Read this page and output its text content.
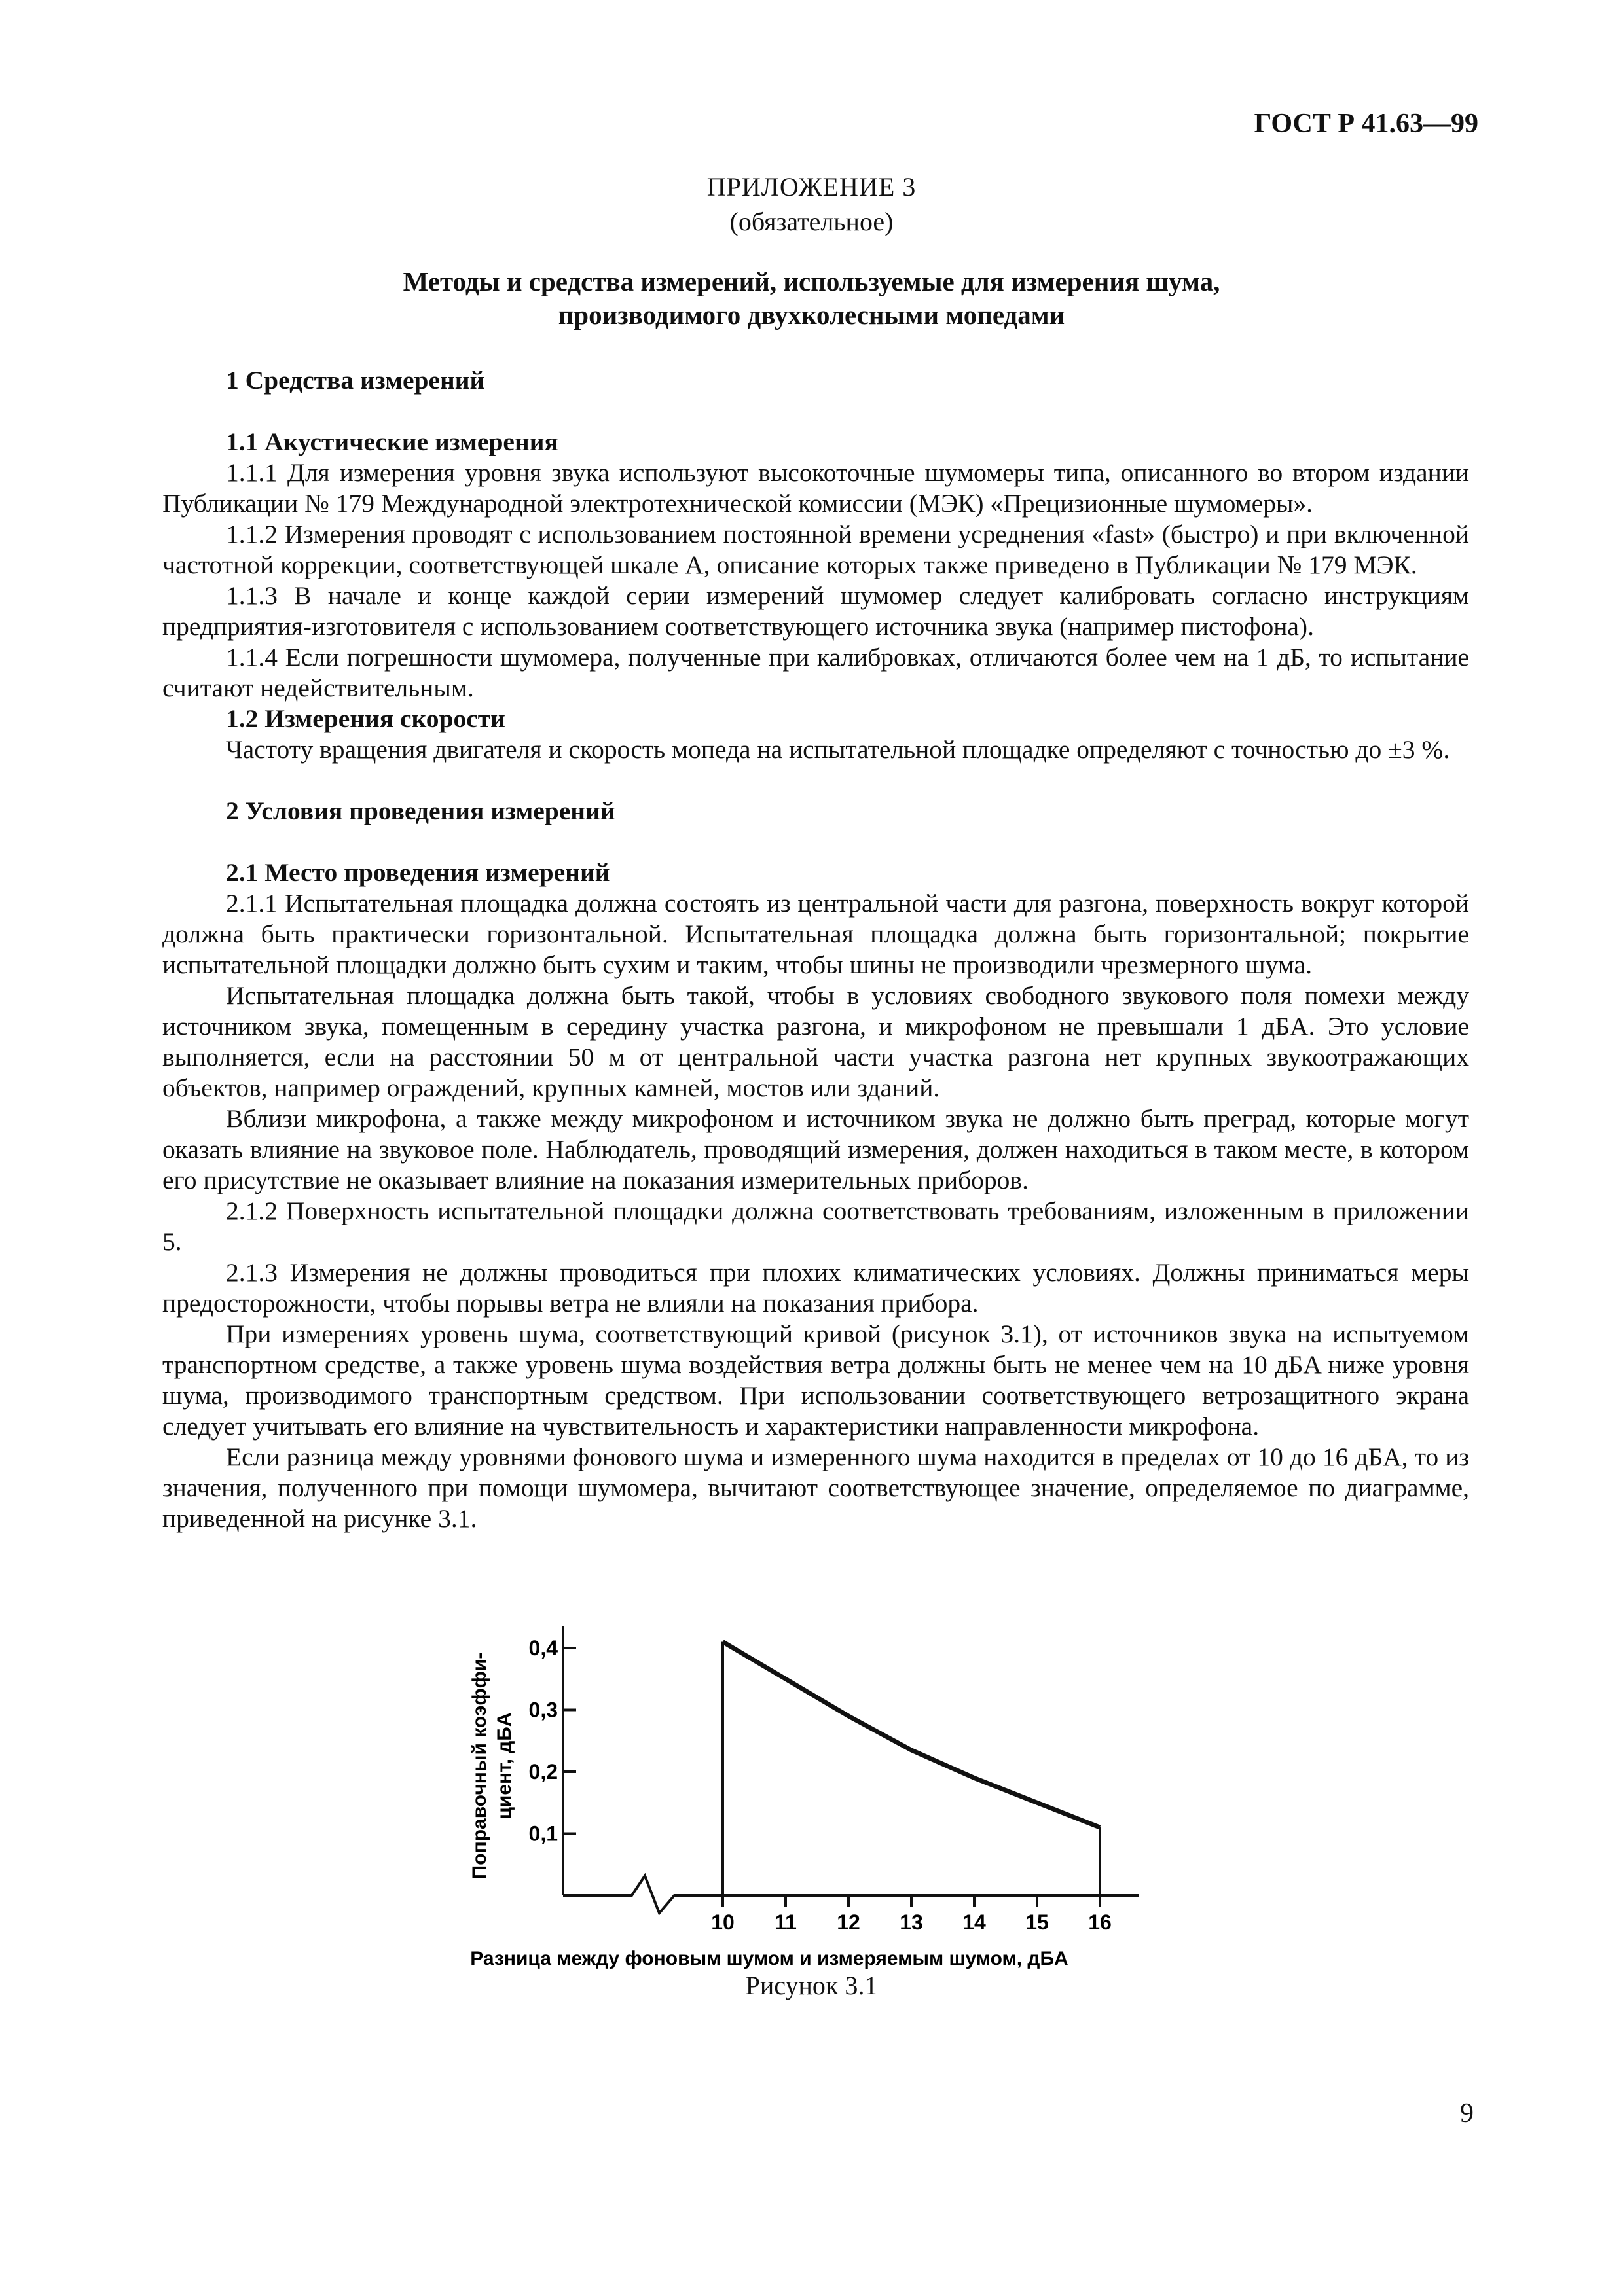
ГОСТ Р 41.63—99
ПРИЛОЖЕНИЕ 3
(обязательное)
Методы и средства измерений, используемые для измерения шума,
производимого двухколесными мопедами

1 Средства измерений

1.1 Акустические измерения

1.1.1 Для измерения уровня звука используют высокоточные шумомеры типа, описанного во втором издании Публикации № 179 Международной электротехнической комиссии (МЭК) «Прецизионные шумомеры».

1.1.2 Измерения проводят с использованием постоянной времени усреднения «fast» (быстро) и при включенной частотной коррекции, соответствующей шкале A, описание которых также приведено в Публикации № 179 МЭК.

1.1.3 В начале и конце каждой серии измерений шумомер следует калибровать согласно инструкциям предприятия-изготовителя с использованием соответствующего источника звука (например пистофона).

1.1.4 Если погрешности шумомера, полученные при калибровках, отличаются более чем на 1 дБ, то испытание считают недействительным.

1.2 Измерения скорости

Частоту вращения двигателя и скорость мопеда на испытательной площадке определяют с точностью до ±3 %.

2 Условия проведения измерений

2.1 Место проведения измерений

2.1.1 Испытательная площадка должна состоять из центральной части для разгона, поверхность вокруг которой должна быть практически горизонтальной. Испытательная площадка должна быть горизонтальной; покрытие испытательной площадки должно быть сухим и таким, чтобы шины не производили чрезмерного шума.

Испытательная площадка должна быть такой, чтобы в условиях свободного звукового поля помехи между источником звука, помещенным в середину участка разгона, и микрофоном не превышали 1 дБA. Это условие выполняется, если на расстоянии 50 м от центральной части участка разгона нет крупных звукоотражающих объектов, например ограждений, крупных камней, мостов или зданий.

Вблизи микрофона, а также между микрофоном и источником звука не должно быть преград, которые могут оказать влияние на звуковое поле. Наблюдатель, проводящий измерения, должен находиться в таком месте, в котором его присутствие не оказывает влияние на показания измерительных приборов.

2.1.2 Поверхность испытательной площадки должна соответствовать требованиям, изложенным в приложении 5.

2.1.3 Измерения не должны проводиться при плохих климатических условиях. Должны приниматься меры предосторожности, чтобы порывы ветра не влияли на показания прибора.

При измерениях уровень шума, соответствующий кривой (рисунок 3.1), от источников звука на испытуемом транспортном средстве, а также уровень шума воздействия ветра должны быть не менее чем на 10 дБA ниже уровня шума, производимого транспортным средством. При использовании соответствующего ветрозащитного экрана следует учитывать его влияние на чувствительность и характеристики направленности микрофона.

Если разница между уровнями фонового шума и измеренного шума находится в пределах от 10 до 16 дБA, то из значения, полученного при помощи шумомера, вычитают соответствующее значение, определяемое по диаграмме, приведенной на рисунке 3.1.

0,4
0,3
0,2
0,1
10 11 12 13 14 15 16
Поправочный коэффи- циент, дБA
Разница между фоновым шумом и измеряемым шумом, дБA
Рисунок 3.1
9
